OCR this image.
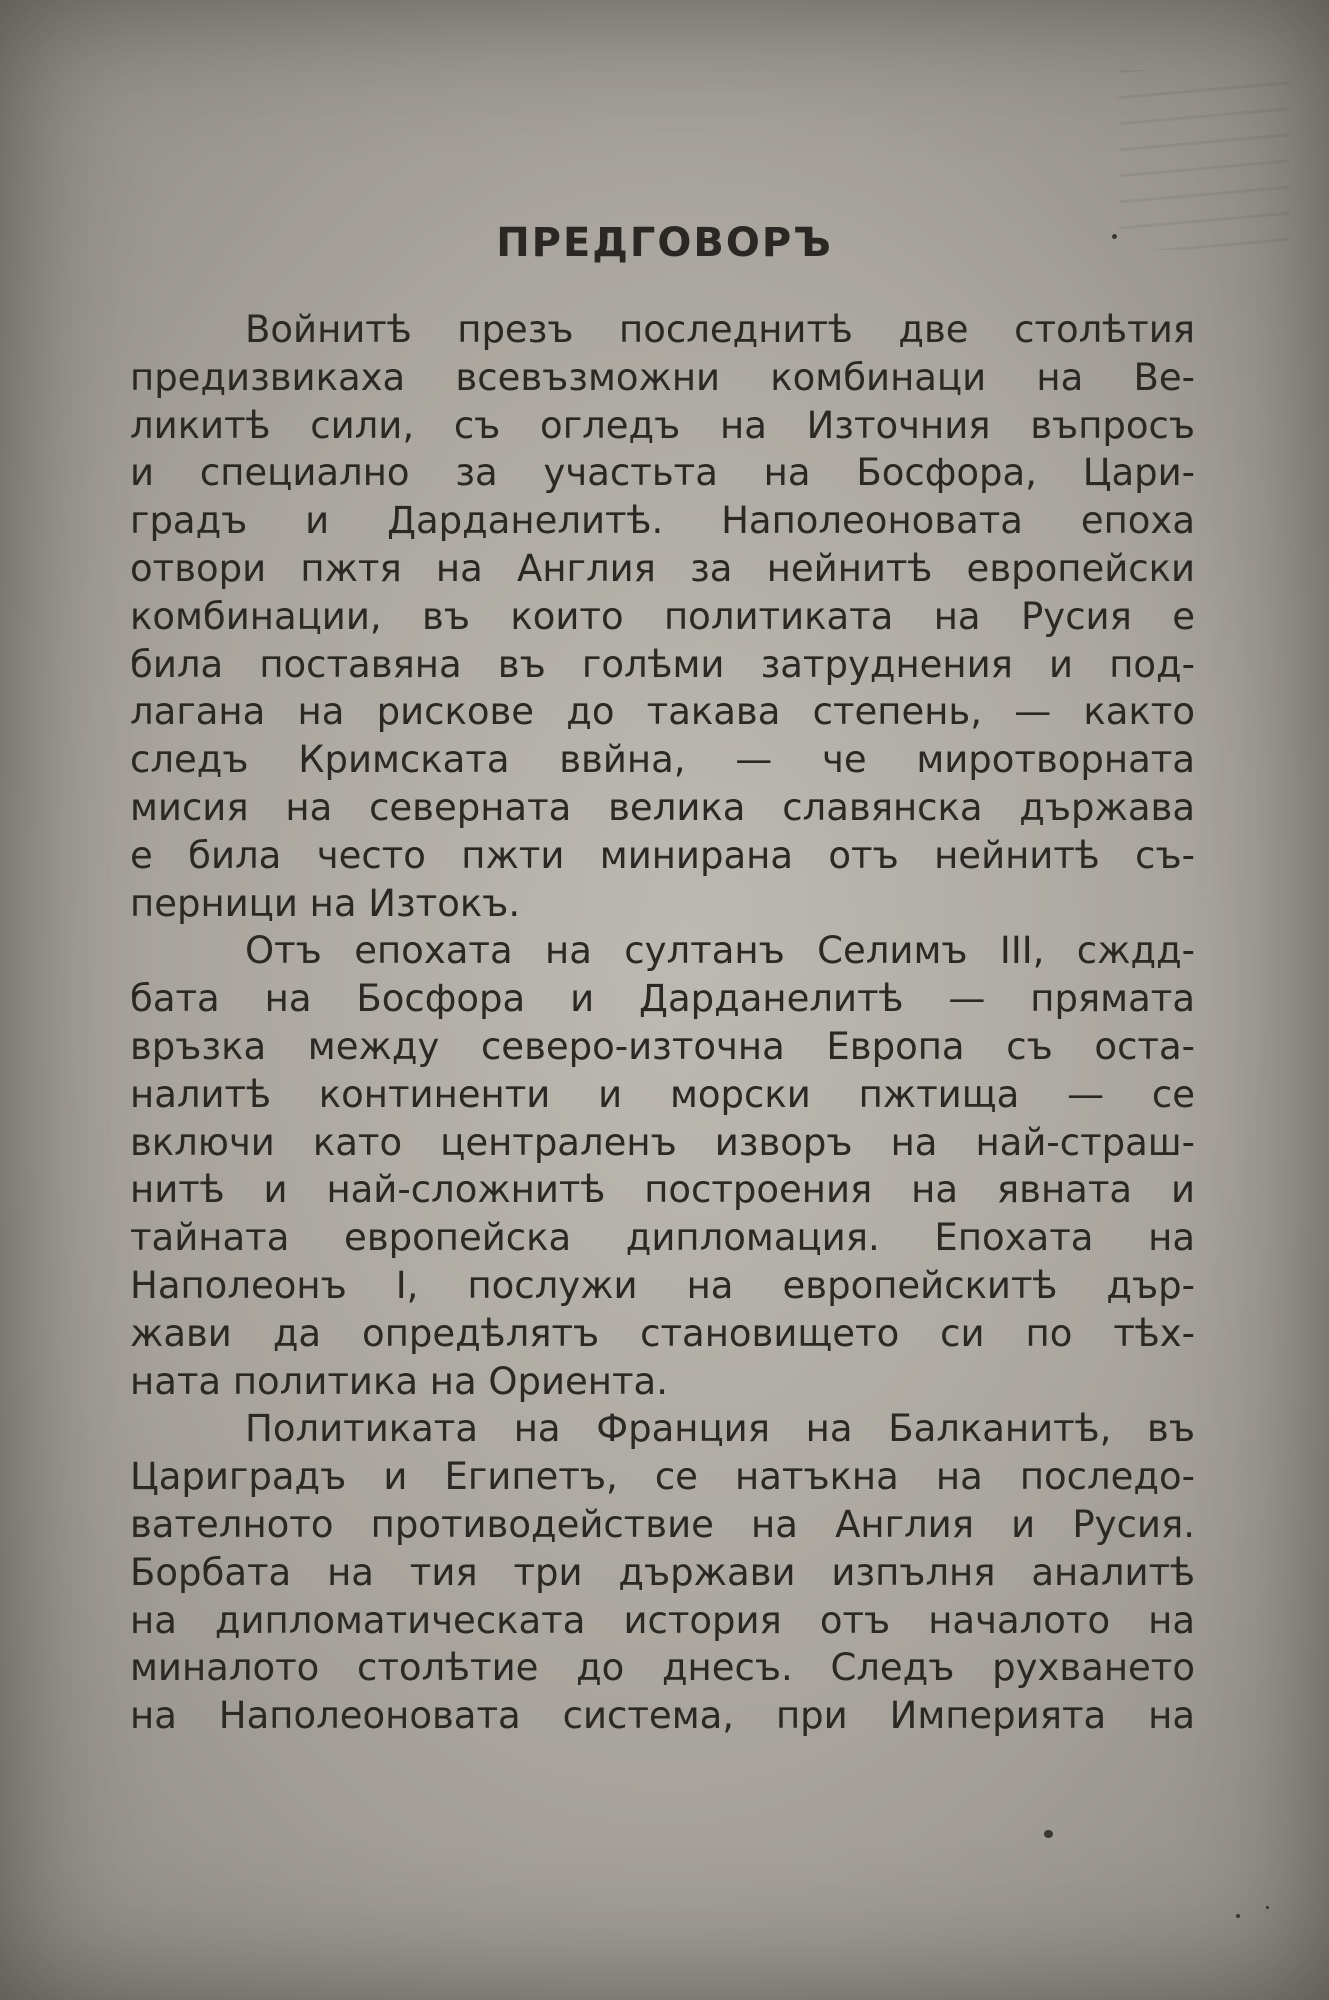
ПРЕДГОВОРЪ
Войнитѣ презъ последнитѣ две столѣтия
предизвикаха всевъзможни комбинаци на Ве-
ликитѣ сили, съ огледъ на Източния въпросъ
и специално за участьта на Босфора, Цари-
градъ и Дарданелитѣ. Наполеоновата епоха
отвори пжтя на Англия за нейнитѣ европейски
комбинации, въ които политиката на Русия е
била поставяна въ голѣми затруднения и под-
лагана на рискове до такава степень, — както
следъ Кримската ввйна, — че миротворната
мисия на северната велика славянска държава
е била често пжти минирана отъ нейнитѣ съ-
перници на Изтокъ.
Отъ епохата на султанъ Селимъ III, сждд-
бата на Босфора и Дарданелитѣ — прямата
връзка между северо-източна Европа съ оста-
налитѣ континенти и морски пжтища — се
включи като централенъ изворъ на най-страш-
нитѣ и най-сложнитѣ построения на явната и
тайната европейска дипломация. Епохата на
Наполеонъ I, послужи на европейскитѣ дър-
жави да опредѣлятъ становището си по тѣх-
ната политика на Ориента.
Политиката на Франция на Балканитѣ, въ
Цариградъ и Египетъ, се натъкна на последо-
вателното противодействие на Англия и Русия.
Борбата на тия три държави изпълня аналитѣ
на дипломатическата история отъ началото на
миналото столѣтие до днесъ. Следъ рухването
на Наполеоновата система, при Империята на
